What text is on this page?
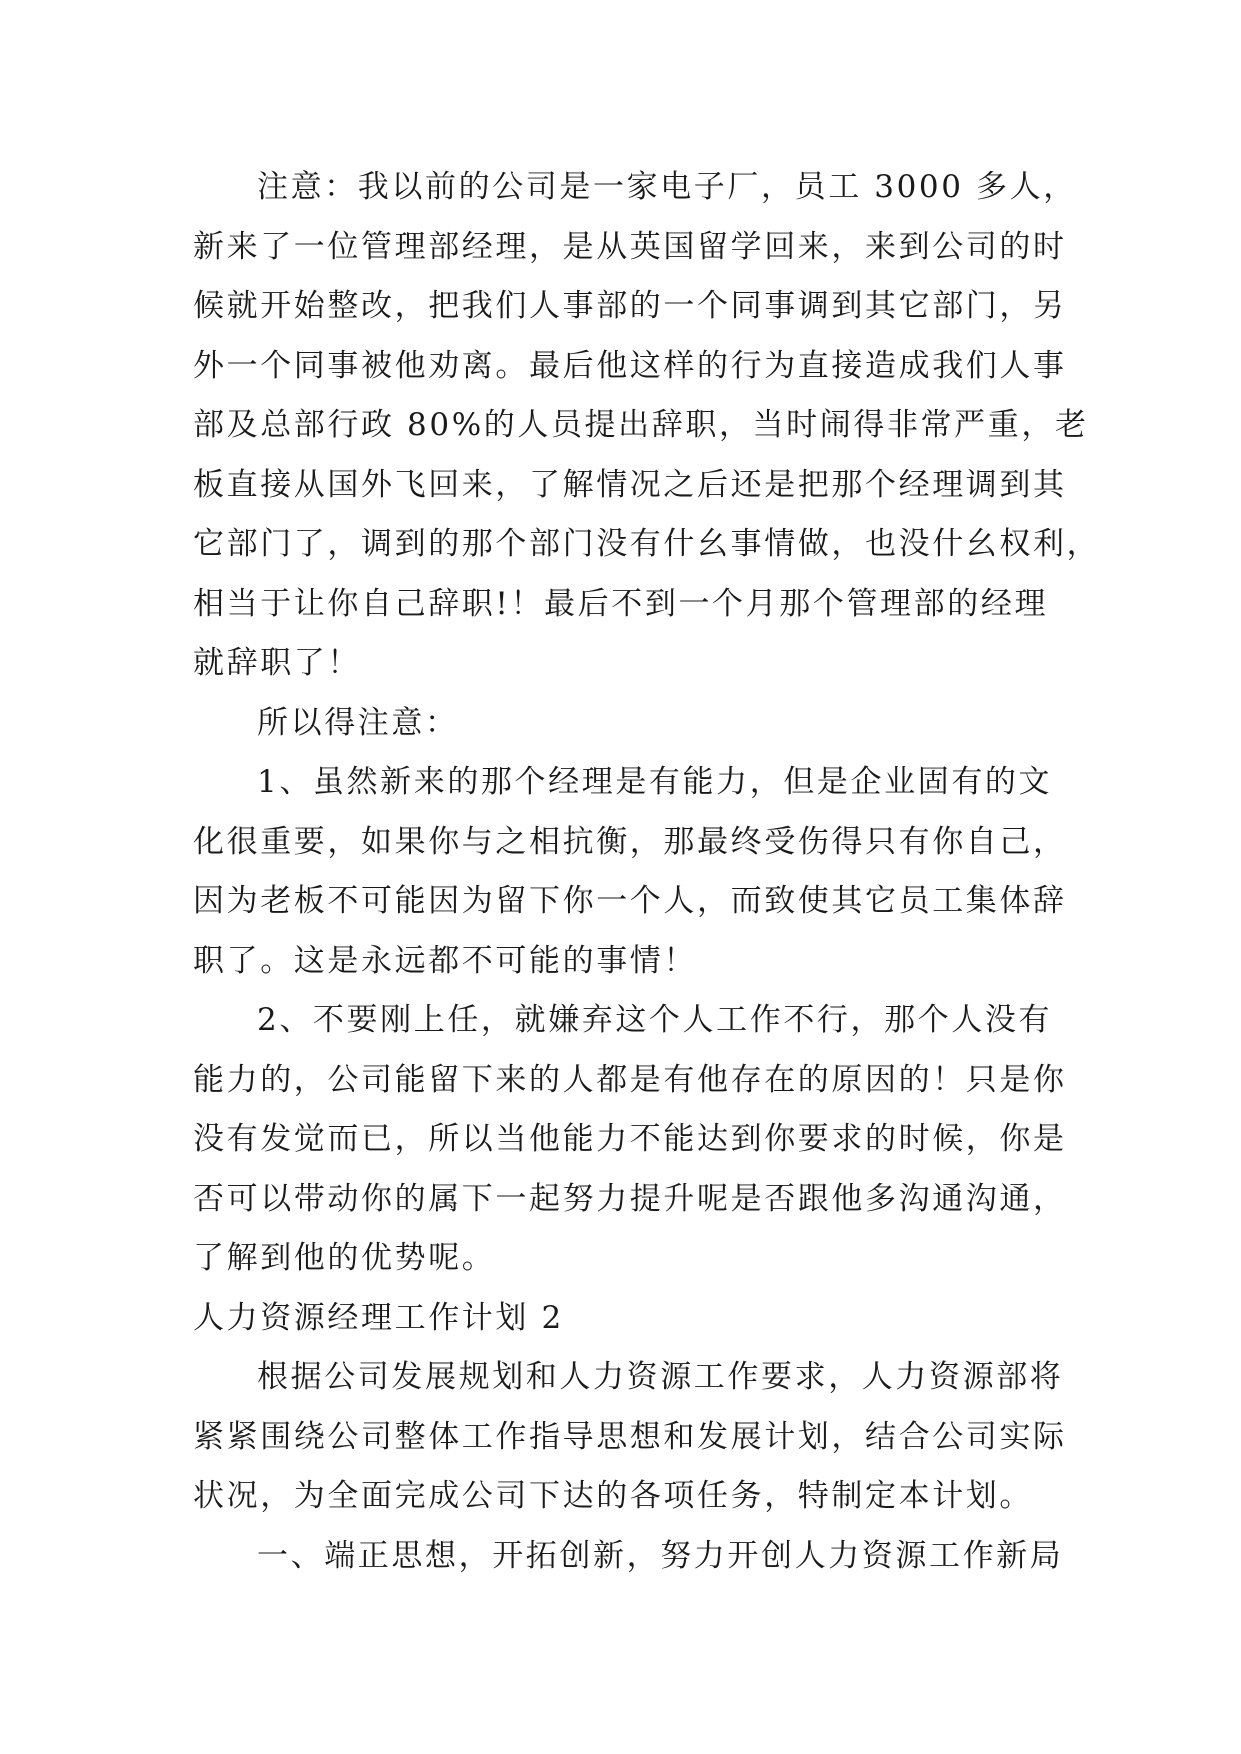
注意：我以前的公司是一家电子厂，员工 3000 多人，
新来了一位管理部经理，是从英国留学回来，来到公司的时
候就开始整改，把我们人事部的一个同事调到其它部门，另
外一个同事被他劝离。最后他这样的行为直接造成我们人事
部及总部行政 80%的人员提出辞职，当时闹得非常严重，老
板直接从国外飞回来，了解情况之后还是把那个经理调到其
它部门了，调到的那个部门没有什幺事情做，也没什幺权利，
相当于让你自己辞职!！最后不到一个月那个管理部的经理
就辞职了！
所以得注意：
1、虽然新来的那个经理是有能力，但是企业固有的文
化很重要，如果你与之相抗衡，那最终受伤得只有你自己，
因为老板不可能因为留下你一个人，而致使其它员工集体辞
职了。这是永远都不可能的事情！
2、不要刚上任，就嫌弃这个人工作不行，那个人没有
能力的，公司能留下来的人都是有他存在的原因的！只是你
没有发觉而已，所以当他能力不能达到你要求的时候，你是
否可以带动你的属下一起努力提升呢是否跟他多沟通沟通，
了解到他的优势呢。
人力资源经理工作计划 2
根据公司发展规划和人力资源工作要求，人力资源部将
紧紧围绕公司整体工作指导思想和发展计划，结合公司实际
状况，为全面完成公司下达的各项任务，特制定本计划。
一、端正思想，开拓创新，努力开创人力资源工作新局
